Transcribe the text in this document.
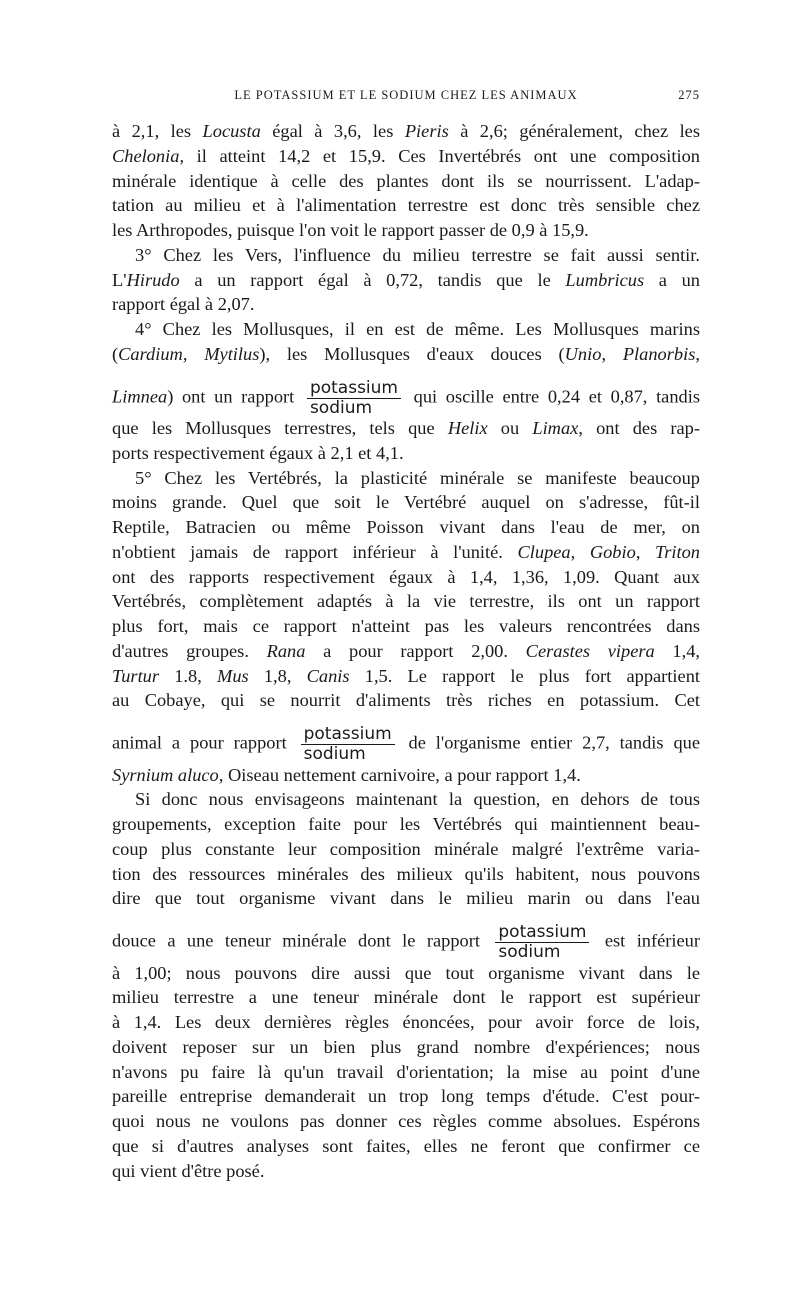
LE POTASSIUM ET LE SODIUM CHEZ LES ANIMAUX	275
à 2,1, les Locusta égal à 3,6, les Pieris à 2,6; généralement, chez les
Chelonia, il atteint 14,2 et 15,9. Ces Invertébrés ont une composition
minérale identique à celle des plantes dont ils se nourrissent. L'adap-
tation au milieu et à l'alimentation terrestre est donc très sensible chez
les Arthropodes, puisque l'on voit le rapport passer de 0,9 à 15,9.
3° Chez les Vers, l'influence du milieu terrestre se fait aussi sentir.
L'Hirudo a un rapport égal à 0,72, tandis que le Lumbricus a un
rapport égal à 2,07.
4° Chez les Mollusques, il en est de même. Les Mollusques marins
(Cardium, Mytilus), les Mollusques d'eaux douces (Unio, Planorbis,
Limnea) ont un rapport $\frac{\text{potassium}}{\text{sodium}}$ qui oscille entre 0,24 et 0,87, tandis
que les Mollusques terrestres, tels que Helix ou Limax, ont des rap-
ports respectivement égaux à 2,1 et 4,1.
5° Chez les Vertébrés, la plasticité minérale se manifeste beaucoup
moins grande. Quel que soit le Vertébré auquel on s'adresse, fût-il
Reptile, Batracien ou même Poisson vivant dans l'eau de mer, on
n'obtient jamais de rapport inférieur à l'unité. Clupea, Gobio, Triton
ont des rapports respectivement égaux à 1,4, 1,36, 1,09. Quant aux
Vertébrés, complètement adaptés à la vie terrestre, ils ont un rapport
plus fort, mais ce rapport n'atteint pas les valeurs rencontrées dans
d'autres groupes. Rana a pour rapport 2,00. Cerastes vipera 1,4,
Turtur 1.8, Mus 1,8, Canis 1,5. Le rapport le plus fort appartient
au Cobaye, qui se nourrit d'aliments très riches en potassium. Cet
animal a pour rapport $\frac{\text{potassium}}{\text{sodium}}$ de l'organisme entier 2,7, tandis que
Syrnium aluco, Oiseau nettement carnivoire, a pour rapport 1,4.
Si donc nous envisageons maintenant la question, en dehors de tous
groupements, exception faite pour les Vertébrés qui maintiennent beau-
coup plus constante leur composition minérale malgré l'extrême varia-
tion des ressources minérales des milieux qu'ils habitent, nous pouvons
dire que tout organisme vivant dans le milieu marin ou dans l'eau
douce a une teneur minérale dont le rapport $\frac{\text{potassium}}{\text{sodium}}$ est inférieur
à 1,00; nous pouvons dire aussi que tout organisme vivant dans le
milieu terrestre a une teneur minérale dont le rapport est supérieur
à 1,4. Les deux dernières règles énoncées, pour avoir force de lois,
doivent reposer sur un bien plus grand nombre d'expériences; nous
n'avons pu faire là qu'un travail d'orientation; la mise au point d'une
pareille entreprise demanderait un trop long temps d'étude. C'est pour-
quoi nous ne voulons pas donner ces règles comme absolues. Espérons
que si d'autres analyses sont faites, elles ne feront que confirmer ce
qui vient d'être posé.
